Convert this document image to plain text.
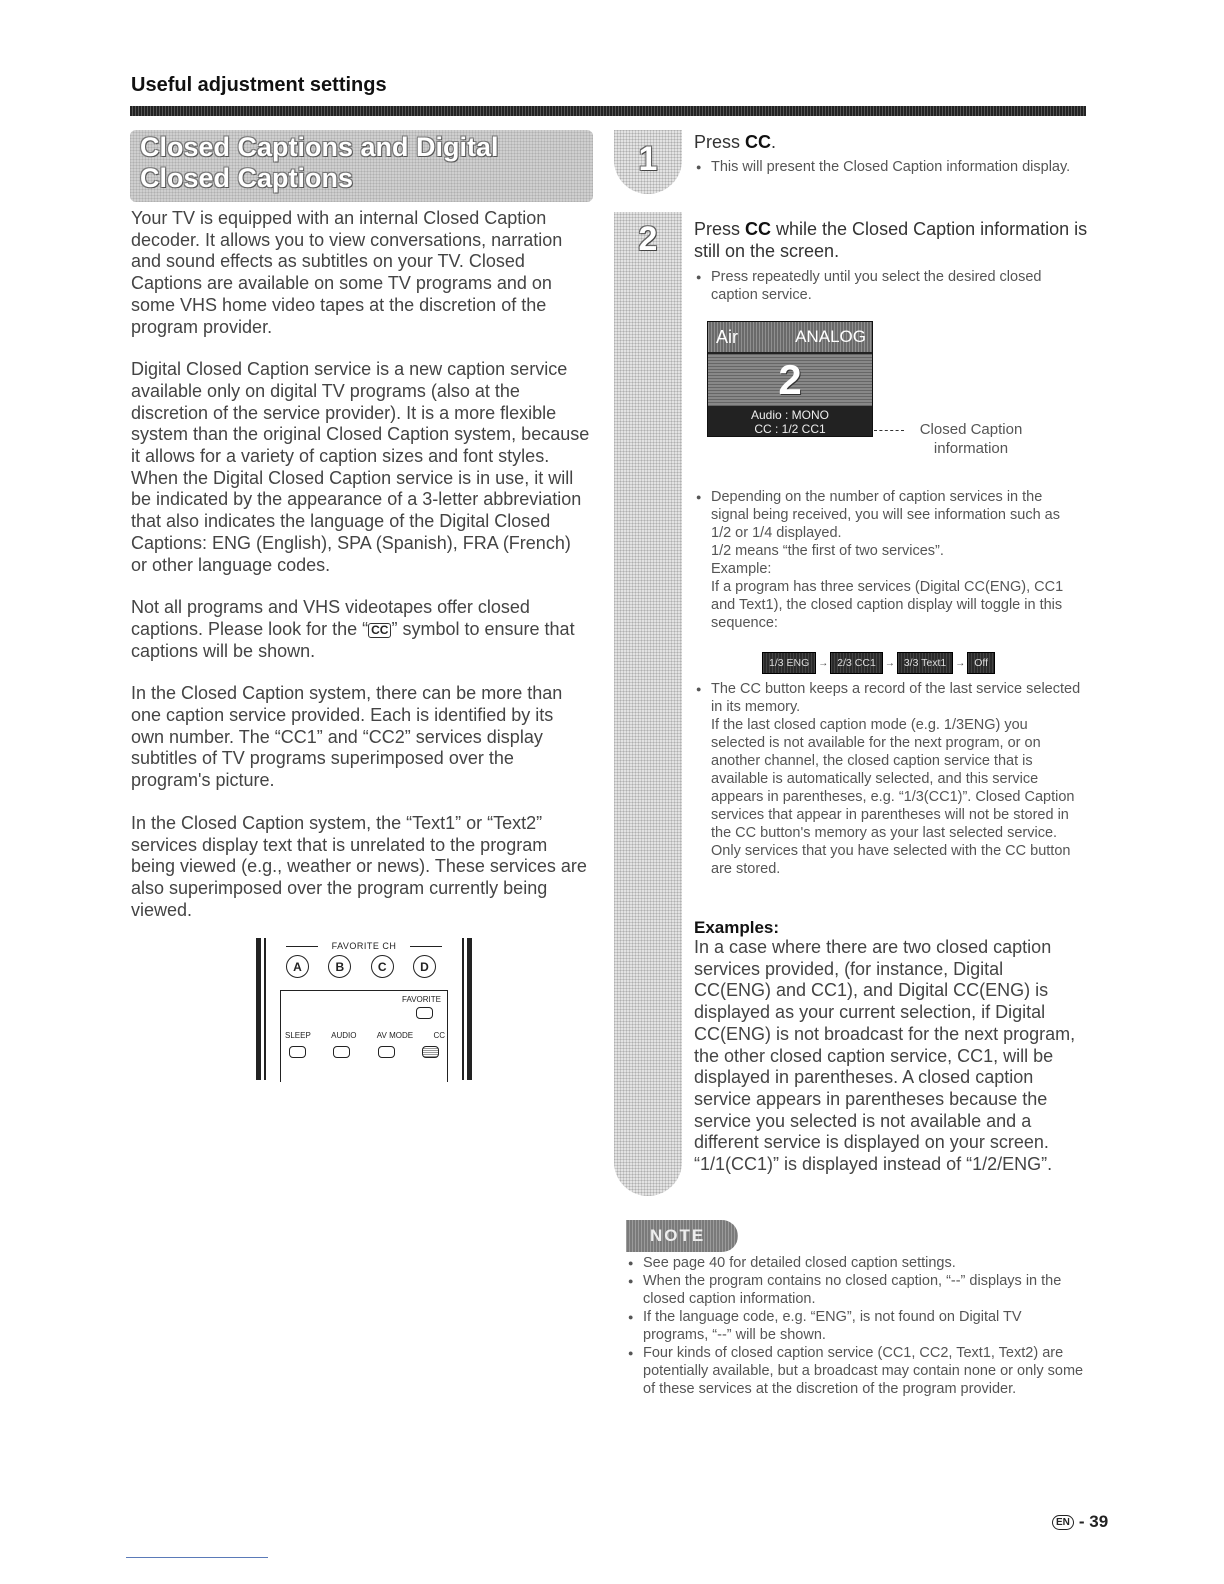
Useful adjustment settings
Closed Captions and Digital Closed Captions

Your TV is equipped with an internal Closed Caption decoder. It allows you to view conversations, narration and sound effects as subtitles on your TV. Closed Captions are available on some TV programs and on some VHS home video tapes at the discretion of the program provider.

Digital Closed Caption service is a new caption service available only on digital TV programs (also at the discretion of the service provider). It is a more flexible system than the original Closed Caption system, because it allows for a variety of caption sizes and font styles. When the Digital Closed Caption service is in use, it will be indicated by the appearance of a 3-letter abbreviation that also indicates the language of the Digital Closed Captions: ENG (English), SPA (Spanish), FRA (French) or other language codes.

Not all programs and VHS videotapes offer closed captions. Please look for the “ CC ” symbol to ensure that captions will be shown.

In the Closed Caption system, there can be more than one caption service provided. Each is identified by its own number. The “CC1” and “CC2” services display subtitles of TV programs superimposed over the program's picture.

In the Closed Caption system, the “Text1” or “Text2” services display text that is unrelated to the program being viewed (e.g., weather or news). These services are also superimposed over the program currently being viewed.

FAVORITE CH
A	B	C	D
FAVORITE
SLEEP	AUDIO	AV MODE	CC
1
2
Press CC.
● This will present the Closed Caption information display.
Press CC while the Closed Caption information is still on the screen.
● Press repeatedly until you select the desired closed caption service.
Air	ANALOG
2
Audio : MONO
CC : 1/2 CC1	Closed Caption information
● Depending on the number of caption services in the signal being received, you will see information such as 1/2 or 1/4 displayed.
1/2 means “the first of two services”.
Example:
If a program has three services (Digital CC(ENG), CC1 and Text1), the closed caption display will toggle in this sequence:
1/3 ENG → 2/3 CC1 → 3/3 Text1 → Off
● The CC button keeps a record of the last service selected in its memory.
If the last closed caption mode (e.g. 1/3ENG) you selected is not available for the next program, or on another channel, the closed caption service that is available is automatically selected, and this service appears in parentheses, e.g. “1/3(CC1)”. Closed Caption services that appear in parentheses will not be stored in the CC button's memory as your last selected service. Only services that you have selected with the CC button are stored.
Examples:
In a case where there are two closed caption services provided, (for instance, Digital CC(ENG) and CC1), and Digital CC(ENG) is displayed as your current selection, if Digital CC(ENG) is not broadcast for the next program, the other closed caption service, CC1, will be displayed in parentheses. A closed caption service appears in parentheses because the service you selected is not available and a different service is displayed on your screen. “1/1(CC1)” is displayed instead of “1/2/ENG”.
NOTE
● See page 40 for detailed closed caption settings.
● When the program contains no closed caption, “--” displays in the closed caption information.
● If the language code, e.g. “ENG”, is not found on Digital TV programs, “--” will be shown.
● Four kinds of closed caption service (CC1, CC2, Text1, Text2) are potentially available, but a broadcast may contain none or only some of these services at the discretion of the program provider.
EN - 39
